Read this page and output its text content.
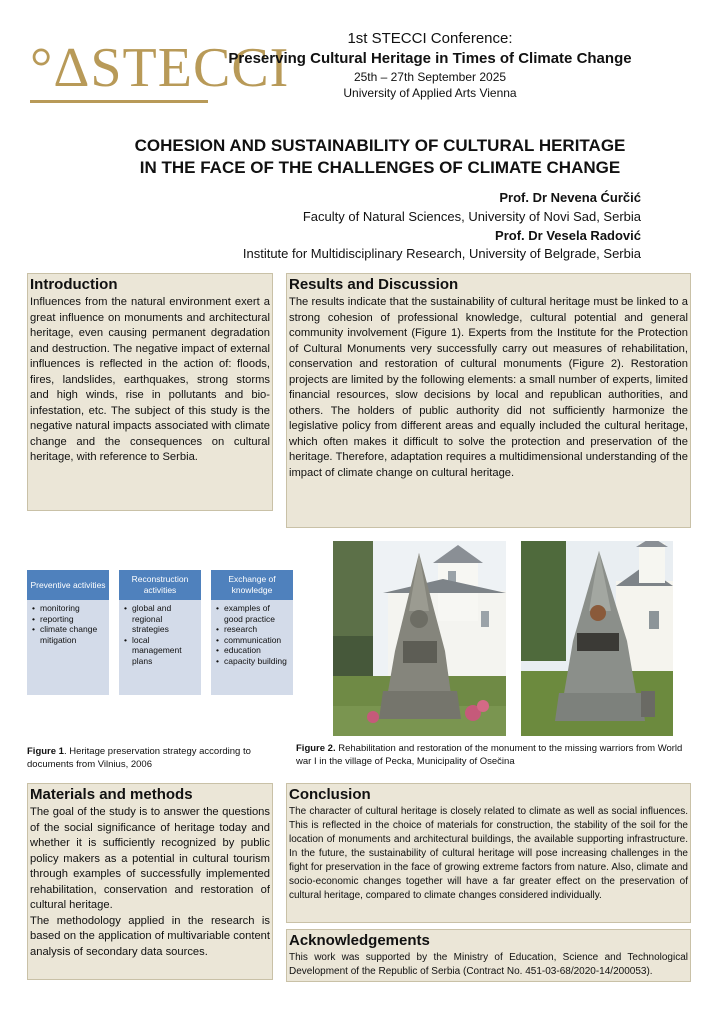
°ΔSTECCI	1st STECCI Conference:
Preserving Cultural Heritage in Times of Climate Change
25th – 27th September 2025
University of Applied Arts Vienna
COHESION AND SUSTAINABILITY OF CULTURAL HERITAGE
IN THE FACE OF THE CHALLENGES OF CLIMATE CHANGE
Prof. Dr Nevena Ćurčić
Faculty of Natural Sciences, University of Novi Sad, Serbia
Prof. Dr Vesela Radović
Institute for Multidisciplinary Research, University of Belgrade, Serbia
Introduction

Influences from the natural environment exert a great influence on monuments and architectural heritage, even causing permanent degradation and destruction. The negative impact of external influences is reflected in the action of: floods, fires, landslides, earthquakes, strong storms and high winds, rise in pollutants and bio-infestation, etc. The subject of this study is the negative natural impacts associated with climate change and the consequences on cultural heritage, with reference to Serbia.

Results and Discussion

The results indicate that the sustainability of cultural heritage must be linked to a strong cohesion of professional knowledge, cultural potential and general community involvement (Figure 1). Experts from the Institute for the Protection of Cultural Monuments very successfully carry out measures of rehabilitation, conservation and restoration of cultural monuments (Figure 2). Restoration projects are limited by the following elements: a small number of experts, limited financial resources, slow decisions by local and republican authorities, and others. The holders of public authority did not sufficiently harmonize the legislative policy from different areas and equally included the cultural heritage, which often makes it difficult to solve the protection and preservation of the heritage. Therefore, adaptation requires a multidimensional understanding of the impact of climate change on cultural heritage.

Preventive activities
• monitoring
• reporting
• climate change mitigation
Reconstruction activities
• global and regional strategies
• local management plans
Exchange of knowledge
• examples of good practice
• research
• communication
• education
• capacity building
Figure 1. Heritage preservation strategy according to documents from Vilnius, 2006
Figure 2. Rehabilitation and restoration of the monument to the missing warriors from World war I in the village of Pecka, Municipality of Osečina
Materials and methods

The goal of the study is to answer the questions of the social significance of heritage today and whether it is sufficiently recognized by public policy makers as a potential in cultural tourism through examples of successfully implemented rehabilitation, conservation and restoration of cultural heritage.

The methodology applied in the research is based on the application of multivariable content analysis of secondary data sources.

Conclusion

The character of cultural heritage is closely related to climate as well as social influences. This is reflected in the choice of materials for construction, the stability of the soil for the location of monuments and architectural buildings, the available supporting infrastructure. In the future, the sustainability of cultural heritage will pose increasing challenges in the fight for preservation in the face of growing extreme factors from nature. Also, climate and socio-economic changes together will have a far greater effect on the preservation of cultural heritage, compared to climate changes considered individually.

Acknowledgements

This work was supported by the Ministry of Education, Science and Technological Development of the Republic of Serbia (Contract No. 451-03-68/2020-14/200053).
